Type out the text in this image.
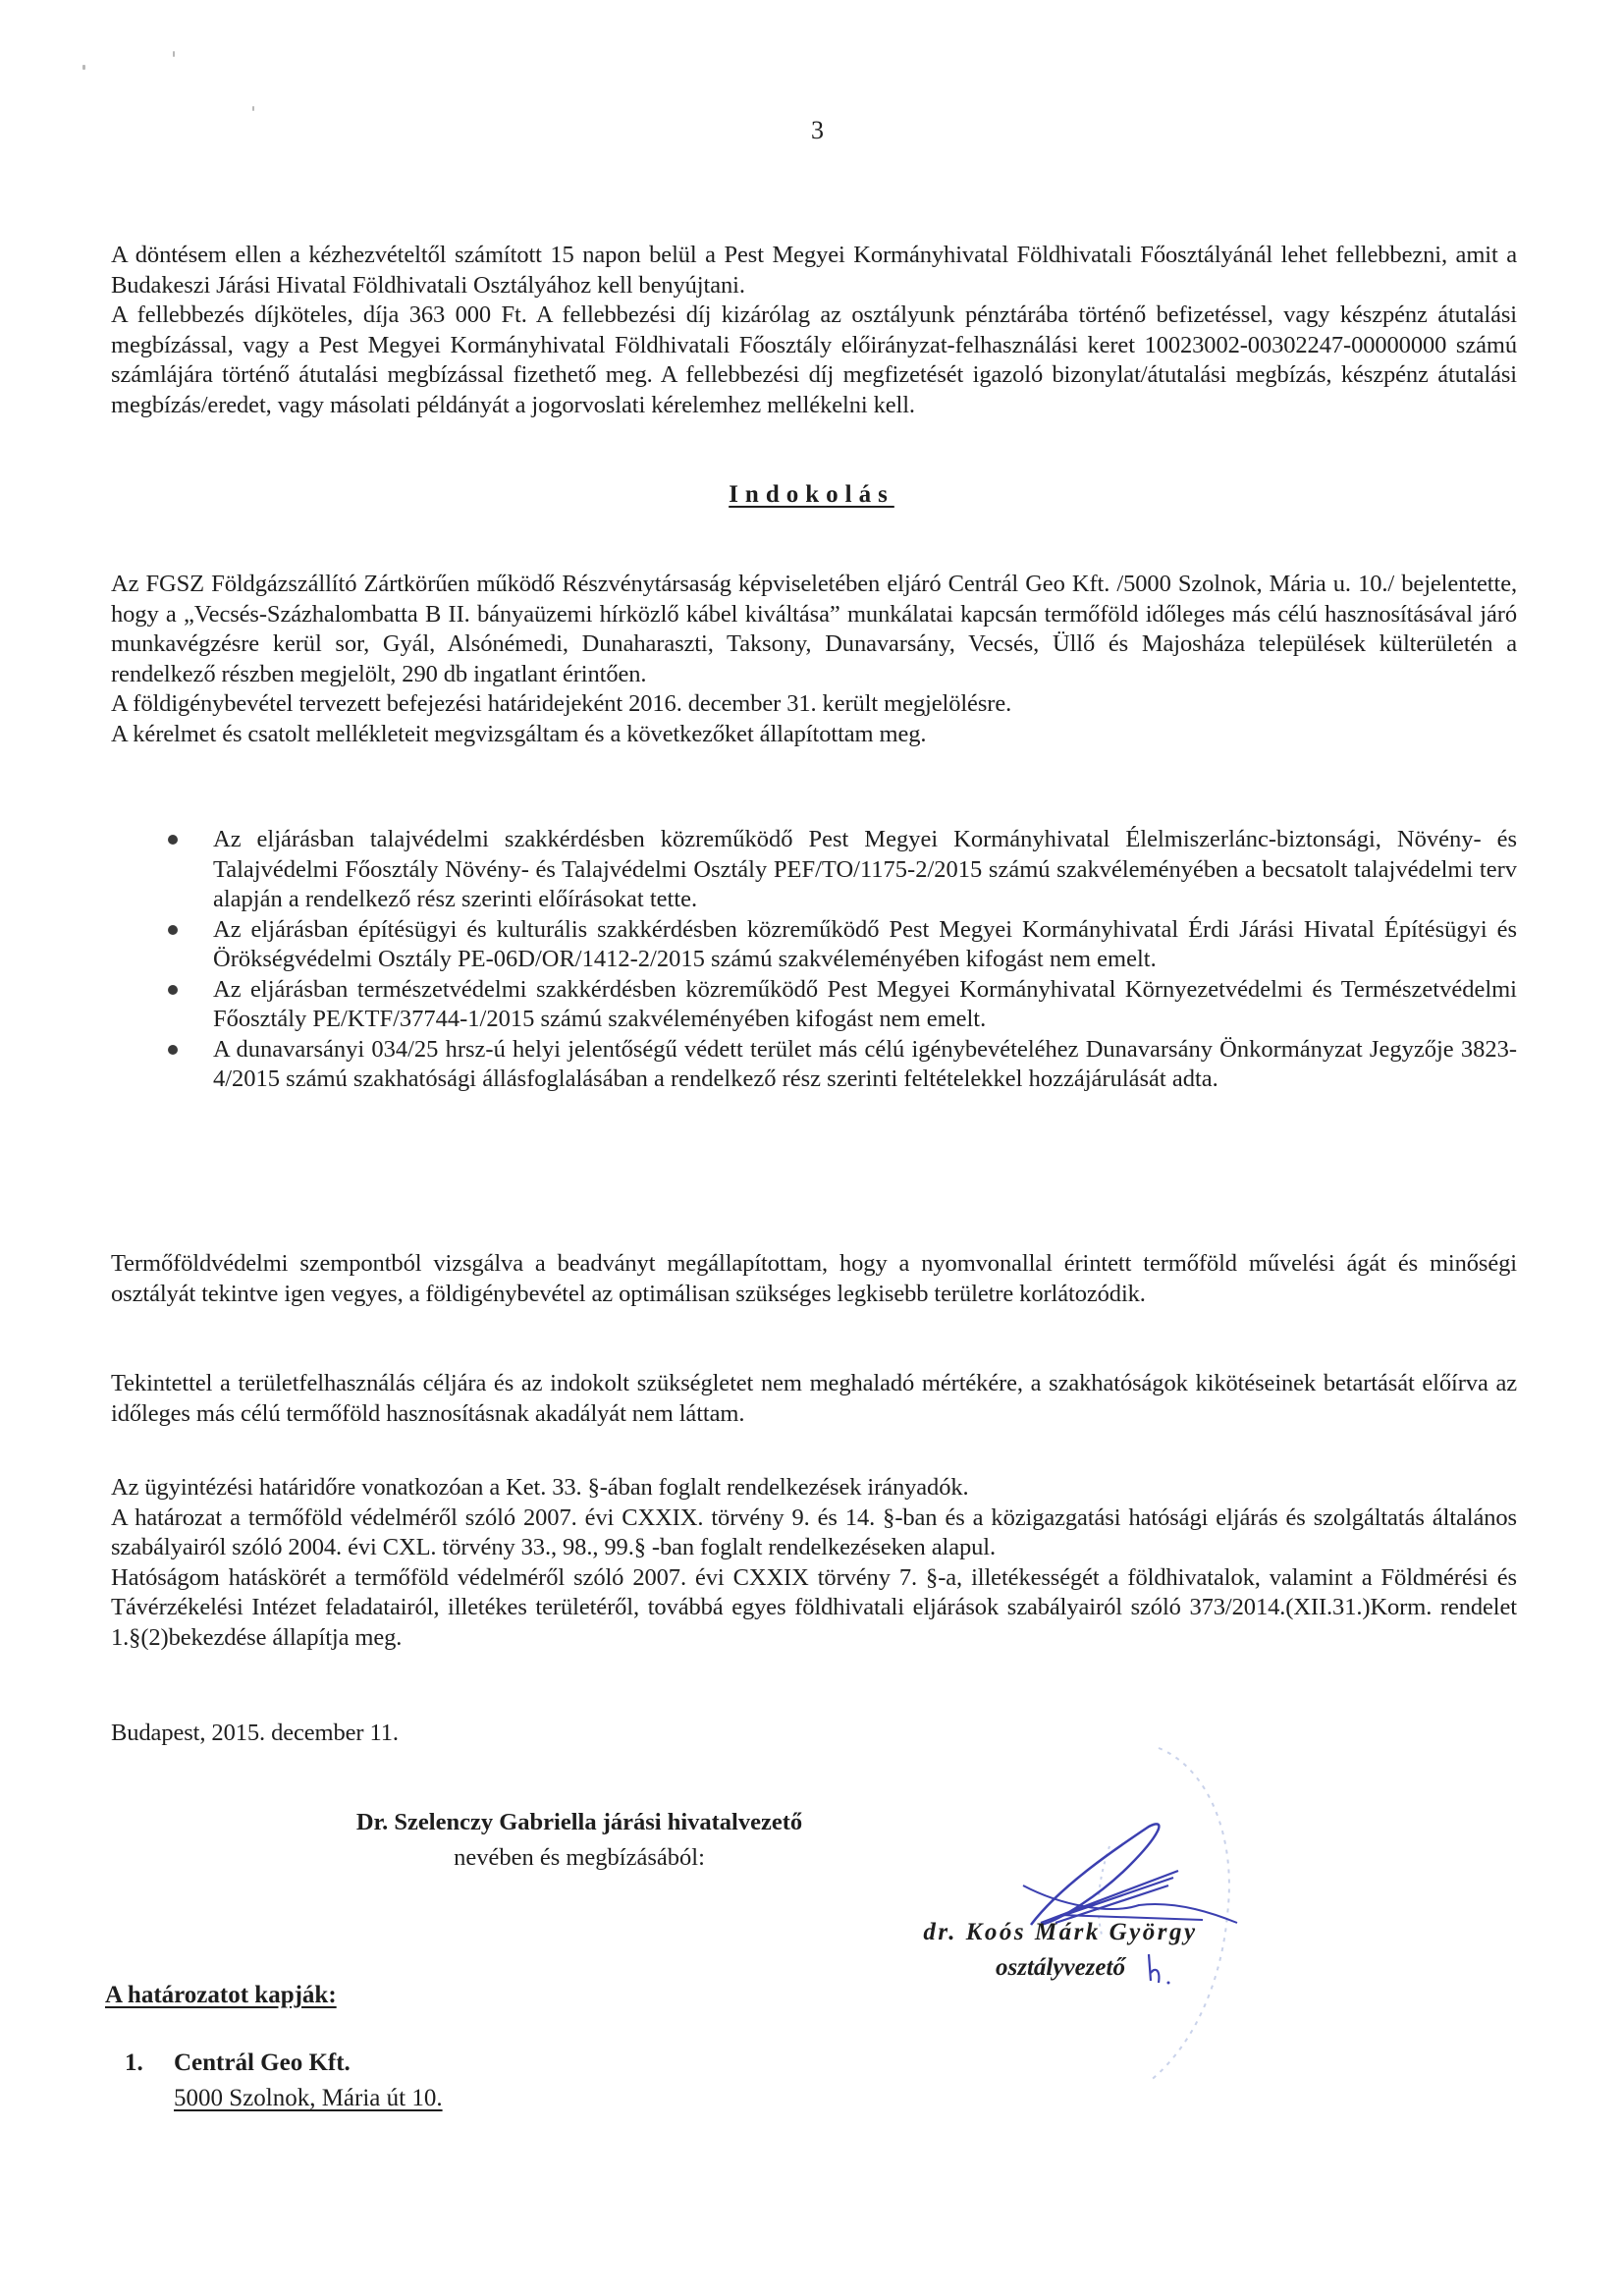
3

A döntésem ellen a kézhezvételtől számított 15 napon belül a Pest Megyei Kormányhivatal Földhivatali Főosztályánál lehet fellebbezni, amit a Budakeszi Járási Hivatal Földhivatali Osztályához kell benyújtani.

A fellebbezés díjköteles, díja 363 000 Ft. A fellebbezési díj kizárólag az osztályunk pénztárába történő befizetéssel, vagy készpénz átutalási megbízással, vagy a Pest Megyei Kormányhivatal Földhivatali Főosztály előirányzat-felhasználási keret 10023002-00302247-00000000 számú számlájára történő átutalási megbízással fizethető meg. A fellebbezési díj megfizetését igazoló bizonylat/átutalási megbízás, készpénz átutalási megbízás/eredet, vagy másolati példányát a jogorvoslati kérelemhez mellékelni kell.

Indokolás

Az FGSZ Földgázszállító Zártkörűen működő Részvénytársaság képviseletében eljáró Centrál Geo Kft. /5000 Szolnok, Mária u. 10./ bejelentette, hogy a „Vecsés-Százhalombatta B II. bányaüzemi hírközlő kábel kiváltása” munkálatai kapcsán termőföld időleges más célú hasznosításával járó munkavégzésre kerül sor, Gyál, Alsónémedi, Dunaharaszti, Taksony, Dunavarsány, Vecsés, Üllő és Majosháza települések külterületén a rendelkező részben megjelölt, 290 db ingatlant érintően.

A földigénybevétel tervezett befejezési határidejeként 2016. december 31. került megjelölésre.

A kérelmet és csatolt mellékleteit megvizsgáltam és a következőket állapítottam meg.

Az eljárásban talajvédelmi szakkérdésben közreműködő Pest Megyei Kormányhivatal Élelmiszerlánc-biztonsági, Növény- és Talajvédelmi Főosztály Növény- és Talajvédelmi Osztály PEF/TO/1175-2/2015 számú szakvéleményében a becsatolt talajvédelmi terv alapján a rendelkező rész szerinti előírásokat tette.
Az eljárásban építésügyi és kulturális szakkérdésben közreműködő Pest Megyei Kormányhivatal Érdi Járási Hivatal Építésügyi és Örökségvédelmi Osztály PE-06D/OR/1412-2/2015 számú szakvéleményében kifogást nem emelt.
Az eljárásban természetvédelmi szakkérdésben közreműködő Pest Megyei Kormányhivatal Környezetvédelmi és Természetvédelmi Főosztály PE/KTF/37744-1/2015 számú szakvéleményében kifogást nem emelt.
A dunavarsányi 034/25 hrsz-ú helyi jelentőségű védett terület más célú igénybevételéhez Dunavarsány Önkormányzat Jegyzője 3823-4/2015 számú szakhatósági állásfoglalásában a rendelkező rész szerinti feltételekkel hozzájárulását adta.

Termőföldvédelmi szempontból vizsgálva a beadványt megállapítottam, hogy a nyomvonallal érintett termőföld művelési ágát és minőségi osztályát tekintve igen vegyes, a földigénybevétel az optimálisan szükséges legkisebb területre korlátozódik.

Tekintettel a területfelhasználás céljára és az indokolt szükségletet nem meghaladó mértékére, a szakhatóságok kikötéseinek betartását előírva az időleges más célú termőföld hasznosításnak akadályát nem láttam.

Az ügyintézési határidőre vonatkozóan a Ket. 33. §-ában foglalt rendelkezések irányadók.

A határozat a termőföld védelméről szóló 2007. évi CXXIX. törvény 9. és 14. §-ban és a közigazgatási hatósági eljárás és szolgáltatás általános szabályairól szóló 2004. évi CXL. törvény 33., 98., 99.§ -ban foglalt rendelkezéseken alapul.

Hatóságom hatáskörét a termőföld védelméről szóló 2007. évi CXXIX törvény 7. §-a, illetékességét a földhivatalok, valamint a Földmérési és Távérzékelési Intézet feladatairól, illetékes területéről, továbbá egyes földhivatali eljárások szabályairól szóló 373/2014.(XII.31.)Korm. rendelet 1.§(2)bekezdése állapítja meg.

Budapest, 2015. december 11.

Dr. Szelenczy Gabriella járási hivatalvezető
nevében és megbízásából:
dr. Koós Márk György
osztályvezető
A határozatot kapják:
1. Centrál Geo Kft.
5000 Szolnok, Mária út 10.
